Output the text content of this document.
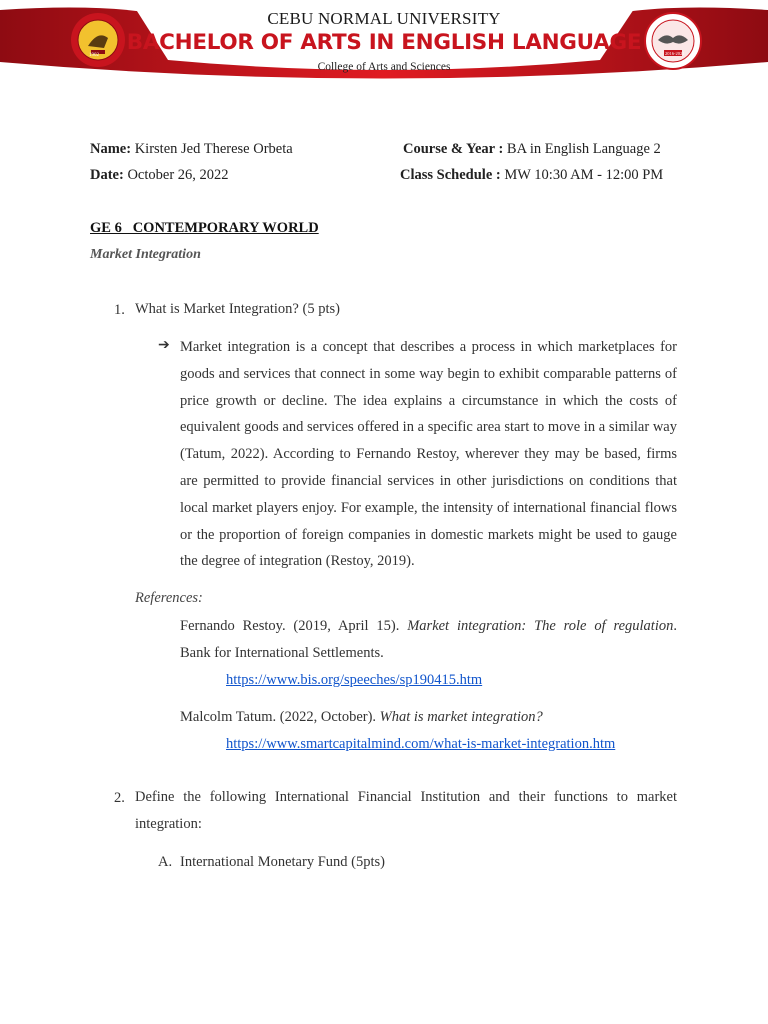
1902
CEBU NORMAL UNIVERSITY
BACHELOR OF ARTS IN ENGLISH LANGUAGE
College of Arts and Sciences
2016-2021
Name: Kirsten Jed Therese Orbeta
Date: October 26, 2022
Course & Year : BA in English Language 2
Class Schedule : MW 10:30 AM - 12:00 PM
GE 6   CONTEMPORARY WORLD
Market Integration
1. What is Market Integration? (5 pts)
➔ Market integration is a concept that describes a process in which marketplaces for goods and services that connect in some way begin to exhibit comparable patterns of price growth or decline. The idea explains a circumstance in which the costs of equivalent goods and services offered in a specific area start to move in a similar way (Tatum, 2022). According to Fernando Restoy, wherever they may be based, firms are permitted to provide financial services in other jurisdictions on conditions that local market players enjoy. For example, the intensity of international financial flows or the proportion of foreign companies in domestic markets might be used to gauge the degree of integration (Restoy, 2019).
References:
Fernando Restoy. (2019, April 15). Market integration: The role of regulation.
Bank for International Settlements.
https://www.bis.org/speeches/sp190415.htm
Malcolm Tatum. (2022, October). What is market integration?
https://www.smartcapitalmind.com/what-is-market-integration.htm
2. Define the following International Financial Institution and their functions to market
integration:
A. International Monetary Fund (5pts)
